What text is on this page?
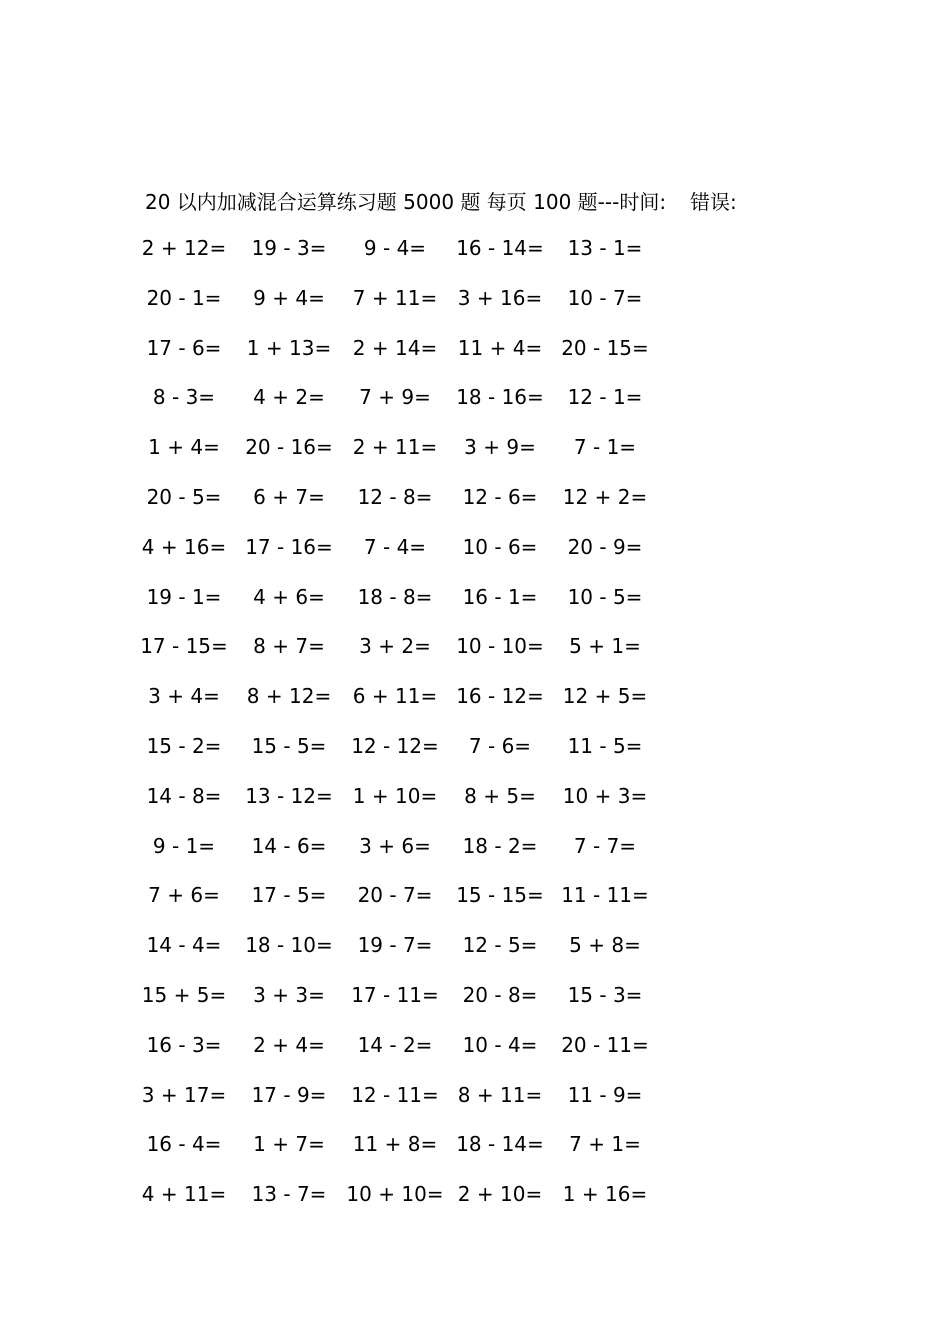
20 以内加减混合运算练习题 5000 题 每页 100 题---时间: 错误:
2 + 12=	19 - 3=	9 - 4=	16 - 14=	13 - 1=
20 - 1=	9 + 4=	7 + 11=	3 + 16=	10 - 7=
17 - 6=	1 + 13=	2 + 14=	11 + 4= 20 - 15=
8 - 3=	4 + 2=	7 + 9=	18 - 16=	12 - 1=
1 + 4=	20 - 16=	2 + 11=	3 + 9=	7 - 1=
20 - 5=	6 + 7=	12 - 8=	12 - 6=	12 + 2=
4 + 16= 17 - 16=	7 - 4=	10 - 6=	20 - 9=
19 - 1=	4 + 6=	18 - 8=	16 - 1=	10 - 5=
17 - 15=	8 + 7=	3 + 2=	10 - 10=	5 + 1=
3 + 4=	8 + 12=	6 + 11= 16 - 12= 12 + 5=
15 - 2=	15 - 5=	12 - 12=	7 - 6=	11 - 5=
14 - 8=	13 - 12=	1 + 10=	8 + 5=	10 + 3=
9 - 1=	14 - 6=	3 + 6=	18 - 2=	7 - 7=
7 + 6=	17 - 5=	20 - 7=	15 - 15= 11 - 11=
14 - 4=	18 - 10=	19 - 7=	12 - 5=	5 + 8=
15 + 5=	3 + 3=	17 - 11=	20 - 8=	15 - 3=
16 - 3=	2 + 4=	14 - 2=	10 - 4=	20 - 11=
3 + 17=	17 - 9=	12 - 11= 8 + 11=	11 - 9=
16 - 4=	1 + 7=	11 + 8= 18 - 14=	7 + 1=
4 + 11=	13 - 7= 10 + 10= 2 + 10=	1 + 16=
